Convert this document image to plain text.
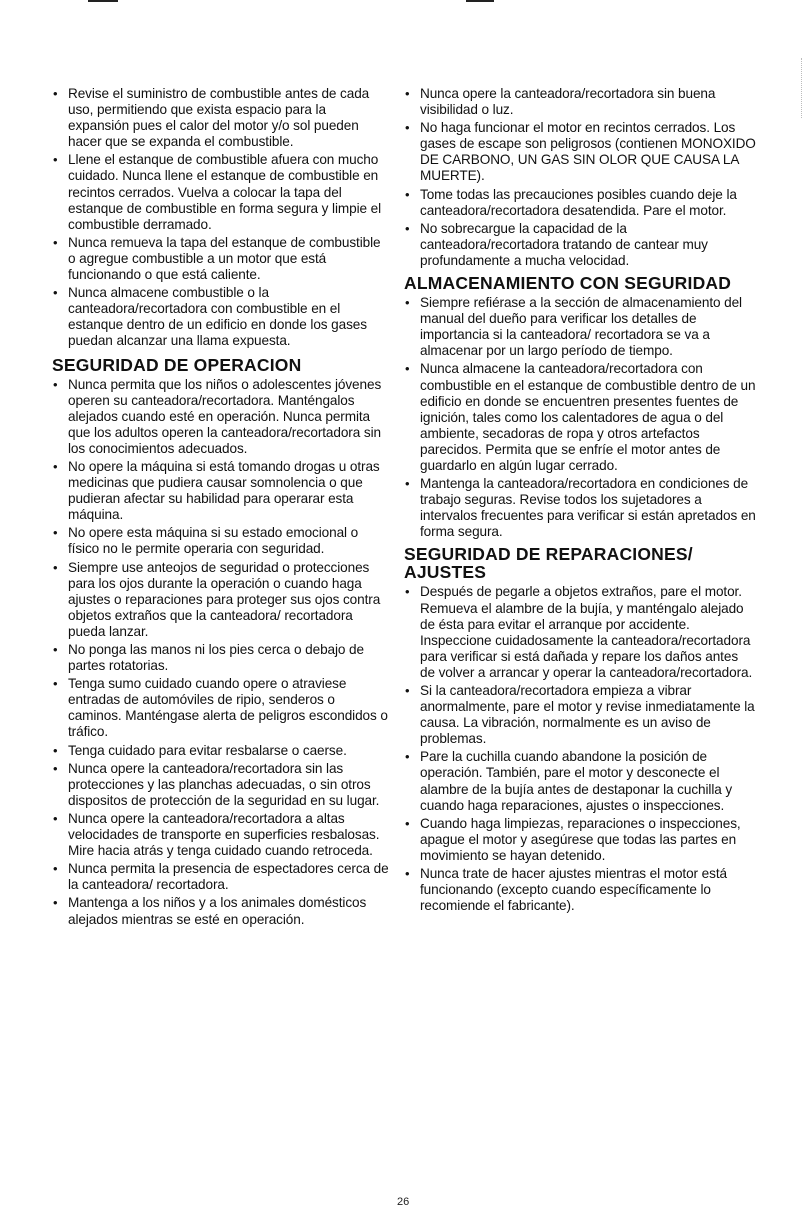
• Revise el suministro de combustible antes de cada uso, permitiendo que exista espacio para la expansión pues el calor del motor y/o sol pueden hacer que se expanda el combustible.
• Llene el estanque de combustible afuera con mucho cuidado. Nunca llene el estanque de combustible en recintos cerrados. Vuelva a colocar la tapa del estanque de combustible en forma segura y limpie el combustible derramado.
• Nunca remueva la tapa del estanque de combustible o agregue combustible a un motor que está funcionando o que está caliente.
• Nunca almacene combustible o la canteadora/recortadora con combustible en el estanque dentro de un edificio en donde los gases puedan alcanzar una llama expuesta.
SEGURIDAD DE OPERACION
• Nunca permita que los niños o adolescentes jóvenes operen su canteadora/recortadora. Manténgalos alejados cuando esté en operación. Nunca permita que los adultos operen la canteadora/recortadora sin los conocimientos adecuados.
• No opere la máquina si está tomando drogas u otras medicinas que pudiera causar somnolencia o que pudieran afectar su habilidad para operarar esta máquina.
• No opere esta máquina si su estado emocional o físico no le permite operaria con seguridad.
• Siempre use anteojos de seguridad o protecciones para los ojos durante la operación o cuando haga ajustes o reparaciones para proteger sus ojos contra objetos extraños que la canteadora/ recortadora pueda lanzar.
• No ponga las manos ni los pies cerca o debajo de partes rotatorias.
• Tenga sumo cuidado cuando opere o atraviese entradas de automóviles de ripio, senderos o caminos. Manténgase alerta de peligros escondidos o tráfico.
• Tenga cuidado para evitar resbalarse o caerse.
• Nunca opere la canteadora/recortadora sin las protecciones y las planchas adecuadas, o sin otros dispositos de protección de la seguridad en su lugar.
• Nunca opere la canteadora/recortadora a altas velocidades de transporte en superficies resbalosas. Mire hacia atrás y tenga cuidado cuando retroceda.
• Nunca permita la presencia de espectadores cerca de la canteadora/ recortadora.
• Mantenga a los niños y a los animales domésticos alejados mientras se esté en operación.
• Nunca opere la canteadora/recortadora sin buena visibilidad o luz.
• No haga funcionar el motor en recintos cerrados. Los gases de escape son peligrosos (contienen MONOXIDO DE CARBONO, UN GAS SIN OLOR QUE CAUSA LA MUERTE).
• Tome todas las precauciones posibles cuando deje la canteadora/recortadora desatendida. Pare el motor.
• No sobrecargue la capacidad de la canteadora/recortadora tratando de cantear muy profundamente a mucha velocidad.
ALMACENAMIENTO CON SEGURIDAD
• Siempre refiérase a la sección de almacenamiento del manual del dueño para verificar los detalles de importancia si la canteadora/ recortadora se va a almacenar por un largo período de tiempo.
• Nunca almacene la canteadora/recortadora con combustible en el estanque de combustible dentro de un edificio en donde se encuentren presentes fuentes de ignición, tales como los calentadores de agua o del ambiente, secadoras de ropa y otros artefactos parecidos. Permita que se enfríe el motor antes de guardarlo en algún lugar cerrado.
• Mantenga la canteadora/recortadora en condiciones de trabajo seguras. Revise todos los sujetadores a intervalos frecuentes para verificar si están apretados en forma segura.
SEGURIDAD DE REPARACIONES/ AJUSTES
• Después de pegarle a objetos extraños, pare el motor. Remueva el alambre de la bujía, y manténgalo alejado de ésta para evitar el arranque por accidente. Inspeccione cuidadosamente la canteadora/recortadora para verificar si está dañada y repare los daños antes de volver a arrancar y operar la canteadora/recortadora.
• Si la canteadora/recortadora empieza a vibrar anormalmente, pare el motor y revise inmediatamente la causa. La vibración, normalmente es un aviso de problemas.
• Pare la cuchilla cuando abandone la posición de operación. También, pare el motor y desconecte el alambre de la bujía antes de destaponar la cuchilla y cuando haga reparaciones, ajustes o inspecciones.
• Cuando haga limpiezas, reparaciones o inspecciones, apague el motor y asegúrese que todas las partes en movimiento se hayan detenido.
• Nunca trate de hacer ajustes mientras el motor está funcionando (excepto cuando específicamente lo recomiende el fabricante).
26
